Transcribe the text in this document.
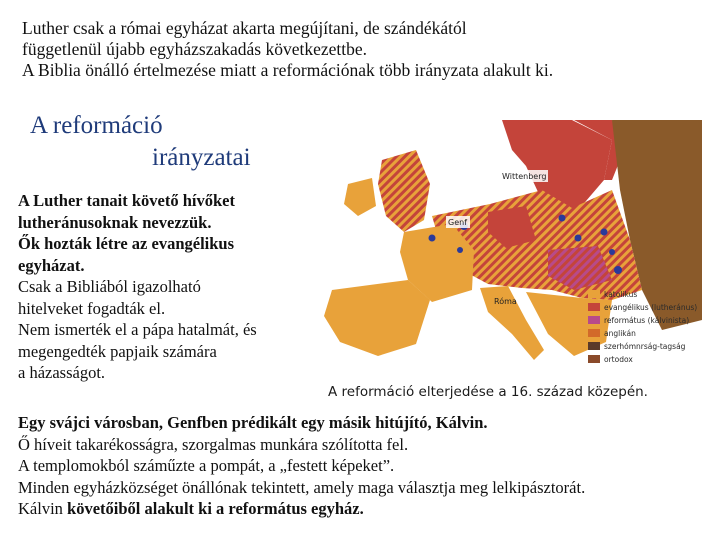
Luther csak a római egyházat akarta megújítani, de szándékától
függetlenül újabb egyházszakadás következettbe.
A Biblia önálló értelmezése miatt a reformációnak több irányzata alakult ki.
A reformáció
irányzatai
A Luther tanait követő hívőket
lutheránusoknak nevezzük.
Ők hozták létre az evangélikus
egyházat.
Csak a Bibliából igazolható
hitelveket fogadták el.
Nem ismerték el a pápa hatalmát, és
megengedték papjaik számára
a házasságot.
Wittenberg
Genf
Róma
katolikus
evangélikus (lutheránus)
református (kálvinista)
anglikán
szerhómnrság-tagság
ortodox
A reformáció elterjedése a 16. század közepén.
Egy svájci városban, Genfben prédikált egy másik hitújító, Kálvin.
Ő híveit takarékosságra, szorgalmas munkára szólította fel.
A templomokból száműzte a pompát, a „festett képeket”.
Minden egyházközséget önállónak tekintett, amely maga választja meg lelkipásztorát.
Kálvin követőiből alakult ki a református egyház.
